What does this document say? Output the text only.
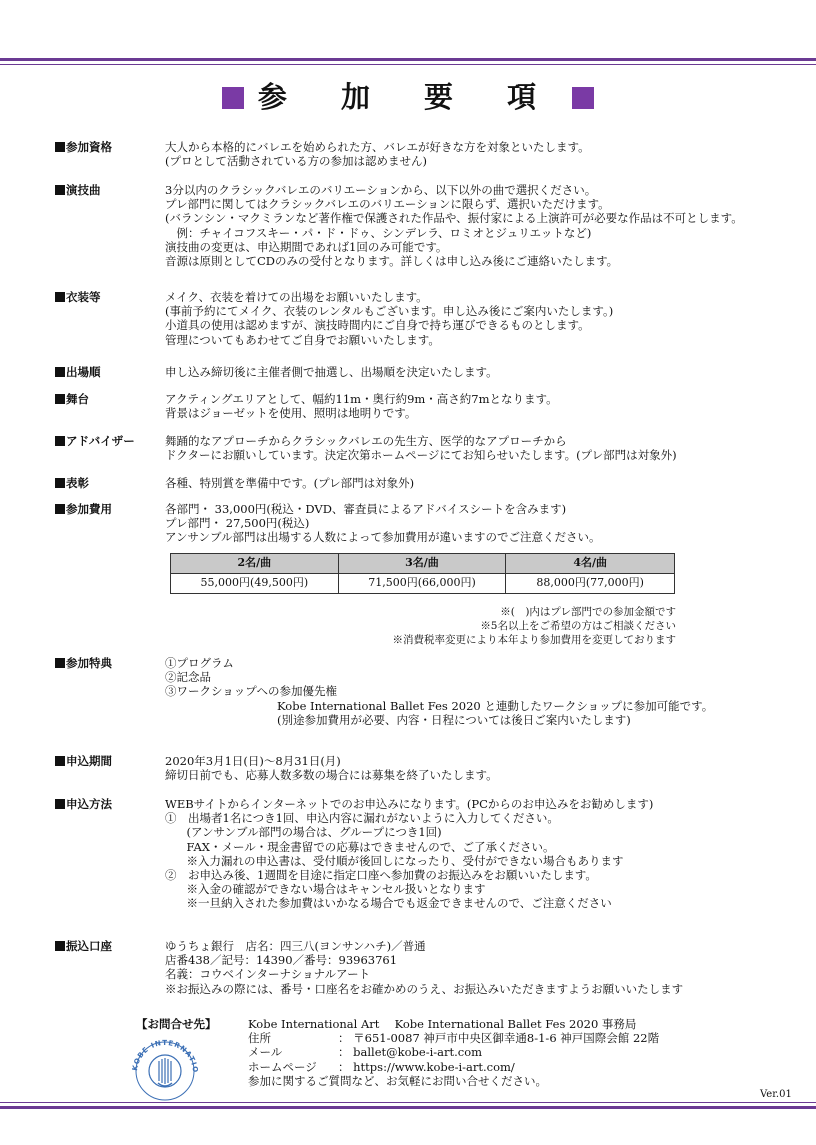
参 加 要 項
参加資格	大人から本格的にバレエを始められた方、バレエが好きな方を対象といたします。
(プロとして活動されている方の参加は認めません)
演技曲	3分以内のクラシックバレエのバリエーションから、以下以外の曲で選択ください。
プレ部門に関してはクラシックバレエのバリエーションに限らず、選択いただけます。
(バランシン・マクミランなど著作権で保護された作品や、振付家による上演許可が必要な作品は不可とします。
　例：チャイコフスキー・パ・ド・ドゥ、シンデレラ、ロミオとジュリエットなど)
演技曲の変更は、申込期間であれば1回のみ可能です。
音源は原則としてCDのみの受付となります。詳しくは申し込み後にご連絡いたします。
衣装等	メイク、衣装を着けての出場をお願いいたします。
(事前予約にてメイク、衣装のレンタルもございます。申し込み後にご案内いたします。)
小道具の使用は認めますが、演技時間内にご自身で持ち運びできるものとします。
管理についてもあわせてご自身でお願いいたします。
出場順	申し込み締切後に主催者側で抽選し、出場順を決定いたします。
舞台	アクティングエリアとして、幅約11m・奥行約9m・高さ約7mとなります。
背景はジョーゼットを使用、照明は地明りです。
アドバイザー	舞踊的なアプローチからクラシックバレエの先生方、医学的なアプローチから
ドクターにお願いしています。決定次第ホームページにてお知らせいたします。(プレ部門は対象外)
表彰	各種、特別賞を準備中です。(プレ部門は対象外)
参加費用	各部門・ 33,000円(税込・DVD、審査員によるアドバイスシートを含みます)
プレ部門・ 27,500円(税込)
アンサンブル部門は出場する人数によって参加費用が違いますのでご注意ください。
2名/曲	3名/曲	4名/曲
55,000円(49,500円)	71,500円(66,000円)	88,000円(77,000円)
※(　)内はプレ部門での参加金額です
※5名以上をご希望の方はご相談ください
※消費税率変更により本年より参加費用を変更しております
参加特典	①プログラム
②記念品
③ワークショップへの参加優先権
Kobe International Ballet Fes 2020 と連動したワークショップに参加可能です。
(別途参加費用が必要、内容・日程については後日ご案内いたします)
申込期間	2020年3月1日(日)～8月31日(月)
締切日前でも、応募人数多数の場合には募集を終了いたします。
申込方法	WEBサイトからインターネットでのお申込みになります。(PCからのお申込みをお勧めします)
①　出場者1名につき1回、申込内容に漏れがないように入力してください。
　(アンサンブル部門の場合は、グループにつき1回)
　FAX・メール・現金書留での応募はできませんので、ご了承ください。
　※入力漏れの申込書は、受付順が後回しになったり、受付ができない場合もあります
②　お申込み後、1週間を目途に指定口座へ参加費のお振込みをお願いいたします。
　※入金の確認ができない場合はキャンセル扱いとなります
　※一旦納入された参加費はいかなる場合でも返金できませんので、ご注意ください
振込口座	ゆうちょ銀行　店名：四三八(ヨンサンハチ)／普通
店番438／記号：14390／番号：93963761
名義：コウベインターナショナルアート
※お振込みの際には、番号・口座名をお確かめのうえ、お振込みいただきますようお願いいたします
【お問合せ先】
KOBE INTERNATIO
Kobe International Art　 Kobe International Ballet Fes 2020 事務局
住所	： 〒651-0087 神戸市中央区御幸通8-1-6 神戸国際会館 22階
メール	： ballet@kobe-i-art.com
ホームページ ： https://www.kobe-i-art.com/
参加に関するご質問など、お気軽にお問い合せください。
Ver.01
